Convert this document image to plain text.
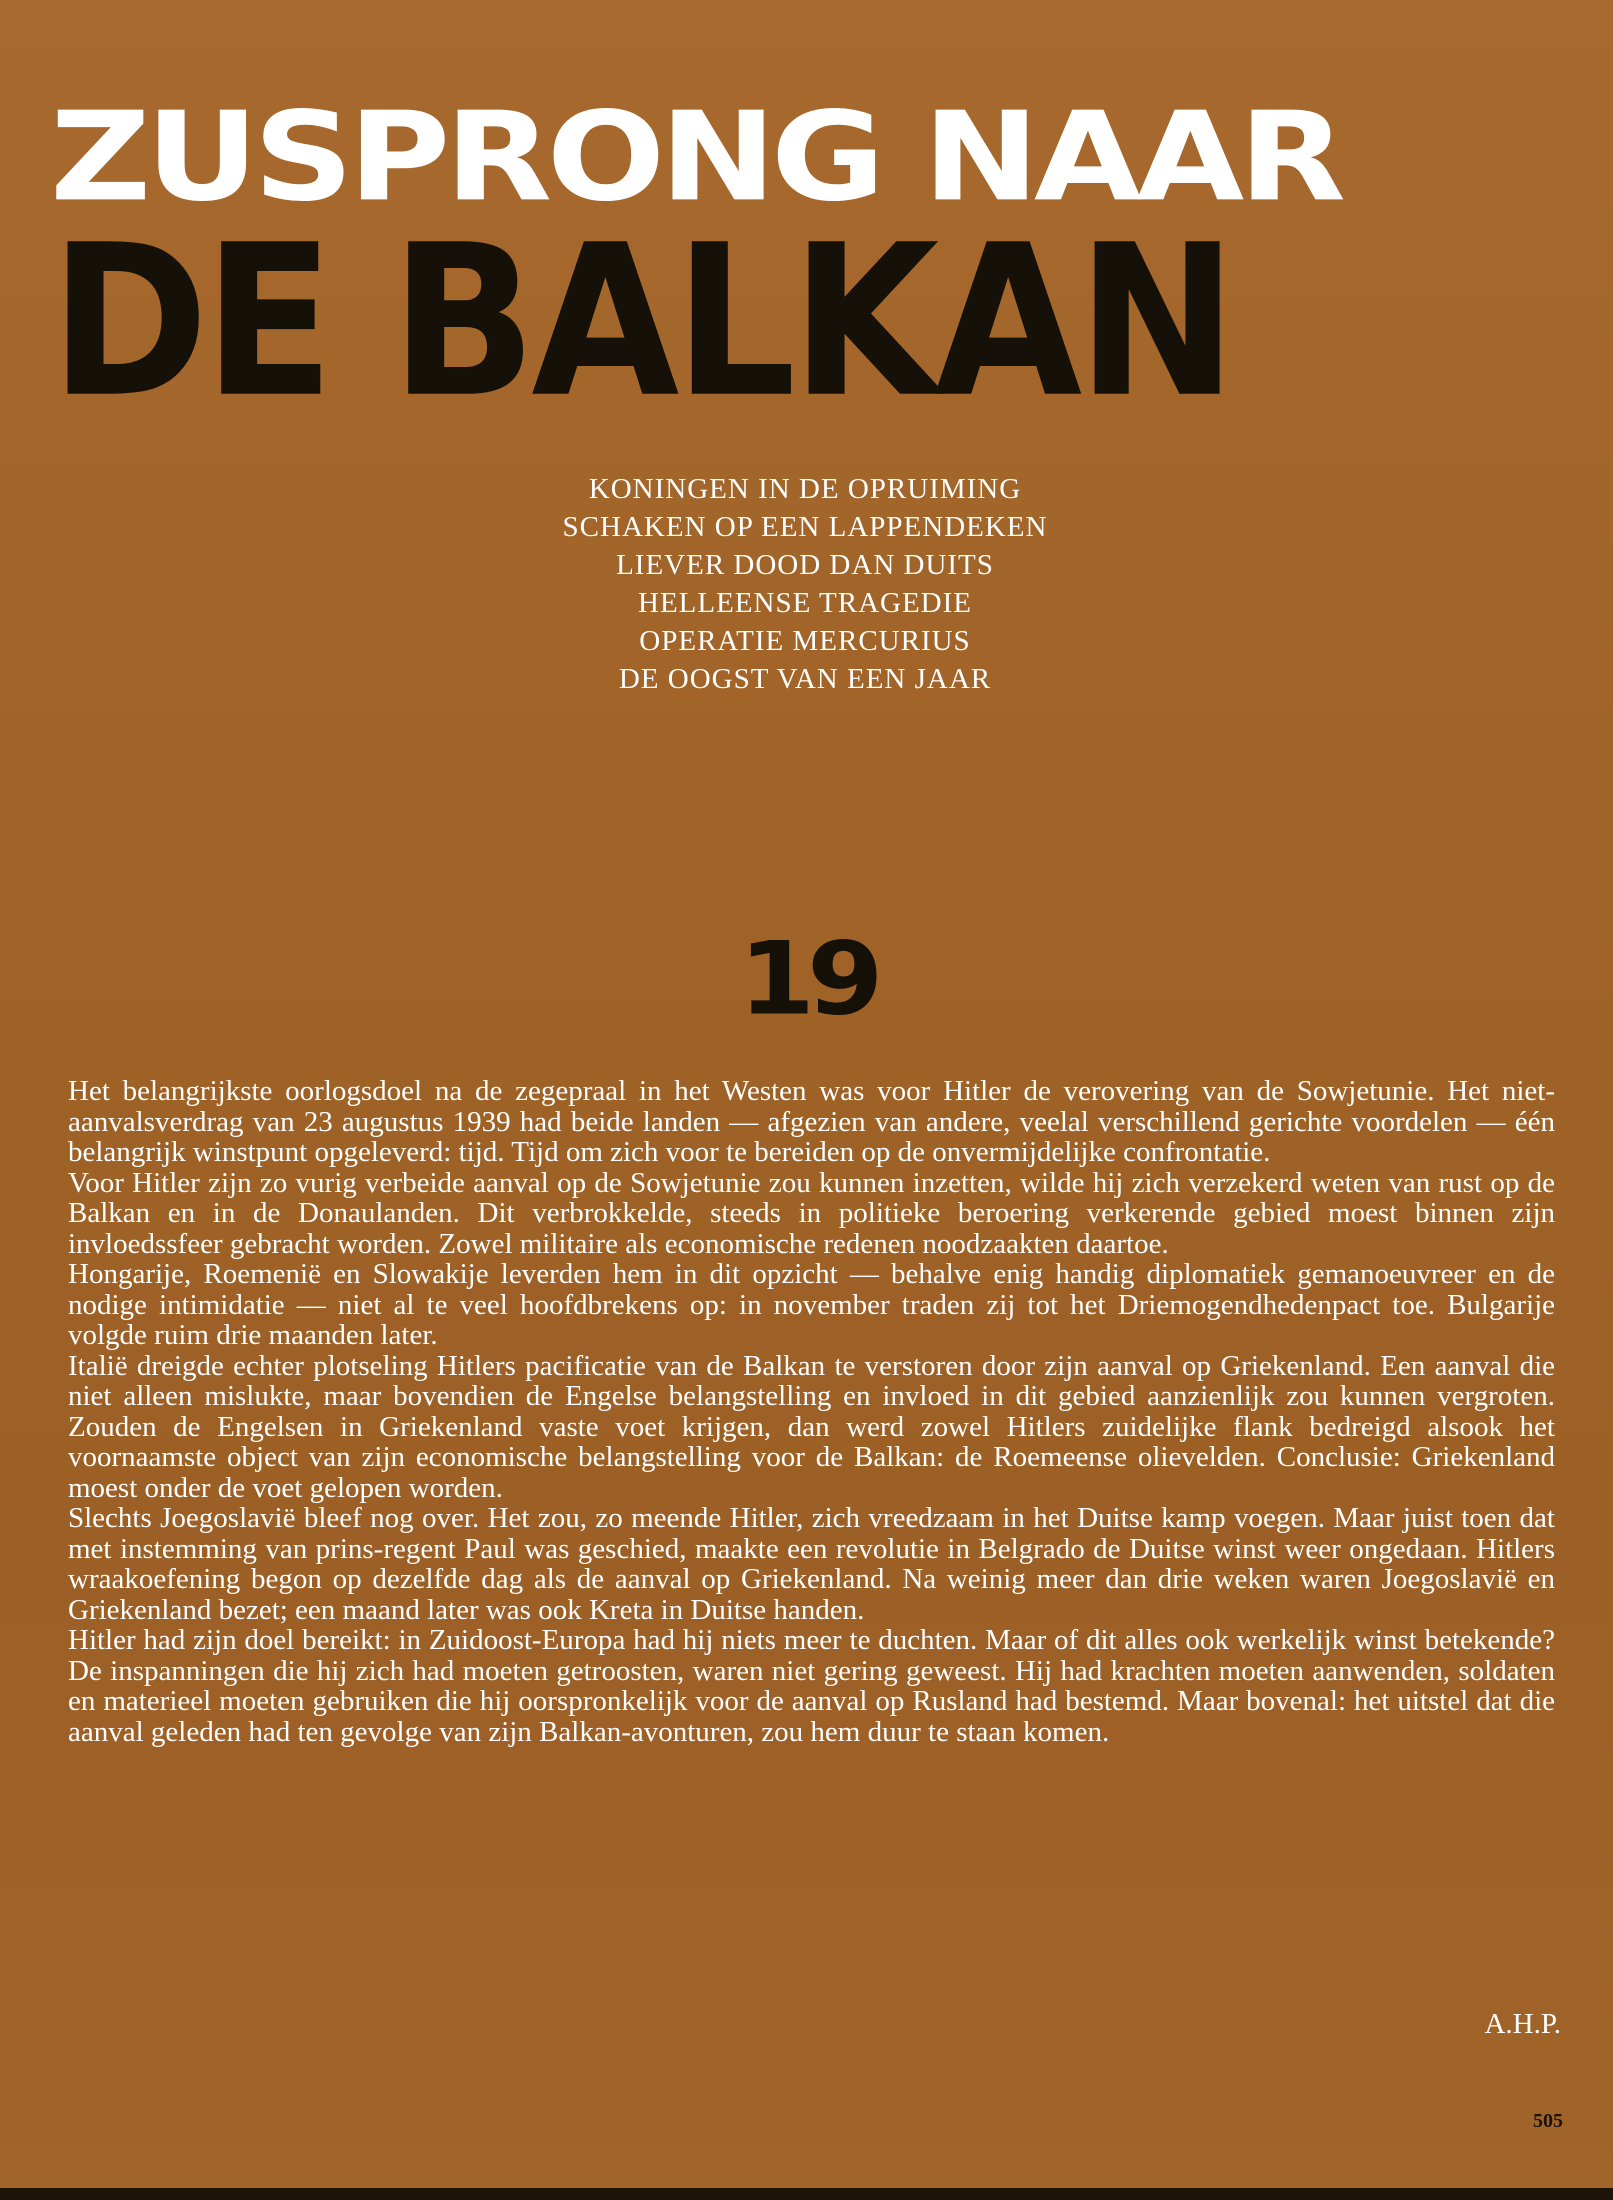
ZUSPRONG NAAR
DE BALKAN
KONINGEN IN DE OPRUIMING
SCHAKEN OP EEN LAPPENDEKEN
LIEVER DOOD DAN DUITS
HELLEENSE TRAGEDIE
OPERATIE MERCURIUS
DE OOGST VAN EEN JAAR
19

Het belangrijkste oorlogsdoel na de zegepraal in het Westen was voor Hitler de verovering van de Sowjetunie. Het niet-aanvalsverdrag van 23 augustus 1939 had beide landen — afgezien van andere, veelal verschillend gerichte voordelen — één belangrijk winstpunt opgeleverd: tijd. Tijd om zich voor te bereiden op de onvermijdelijke confrontatie.

Voor Hitler zijn zo vurig verbeide aanval op de Sowjetunie zou kunnen inzetten, wilde hij zich verzekerd weten van rust op de Balkan en in de Donaulanden. Dit verbrokkelde, steeds in politieke beroering verkerende gebied moest binnen zijn invloedssfeer gebracht worden. Zowel militaire als economische redenen noodzaakten daartoe.

Hongarije, Roemenië en Slowakije leverden hem in dit opzicht — behalve enig handig diplomatiek gemanoeuvreer en de nodige intimidatie — niet al te veel hoofdbrekens op: in november traden zij tot het Driemogendhedenpact toe. Bulgarije volgde ruim drie maanden later.

Italië dreigde echter plotseling Hitlers pacificatie van de Balkan te verstoren door zijn aanval op Griekenland. Een aanval die niet alleen mislukte, maar bovendien de Engelse belangstelling en invloed in dit gebied aanzienlijk zou kunnen vergroten. Zouden de Engelsen in Griekenland vaste voet krijgen, dan werd zowel Hitlers zuidelijke flank bedreigd alsook het voornaamste object van zijn economische belangstelling voor de Balkan: de Roemeense olievelden. Conclusie: Griekenland moest onder de voet gelopen worden.

Slechts Joegoslavië bleef nog over. Het zou, zo meende Hitler, zich vreedzaam in het Duitse kamp voegen. Maar juist toen dat met instemming van prins-regent Paul was geschied, maakte een revolutie in Belgrado de Duitse winst weer ongedaan. Hitlers wraakoefening begon op dezelfde dag als de aanval op Griekenland. Na weinig meer dan drie weken waren Joegoslavië en Griekenland bezet; een maand later was ook Kreta in Duitse handen.

Hitler had zijn doel bereikt: in Zuidoost-Europa had hij niets meer te duchten. Maar of dit alles ook werkelijk winst betekende? De inspanningen die hij zich had moeten getroosten, waren niet gering geweest. Hij had krachten moeten aanwenden, soldaten en materieel moeten gebruiken die hij oorspronkelijk voor de aanval op Rusland had bestemd. Maar bovenal: het uitstel dat die aanval geleden had ten gevolge van zijn Balkan-avonturen, zou hem duur te staan komen.

A.H.P.
505
